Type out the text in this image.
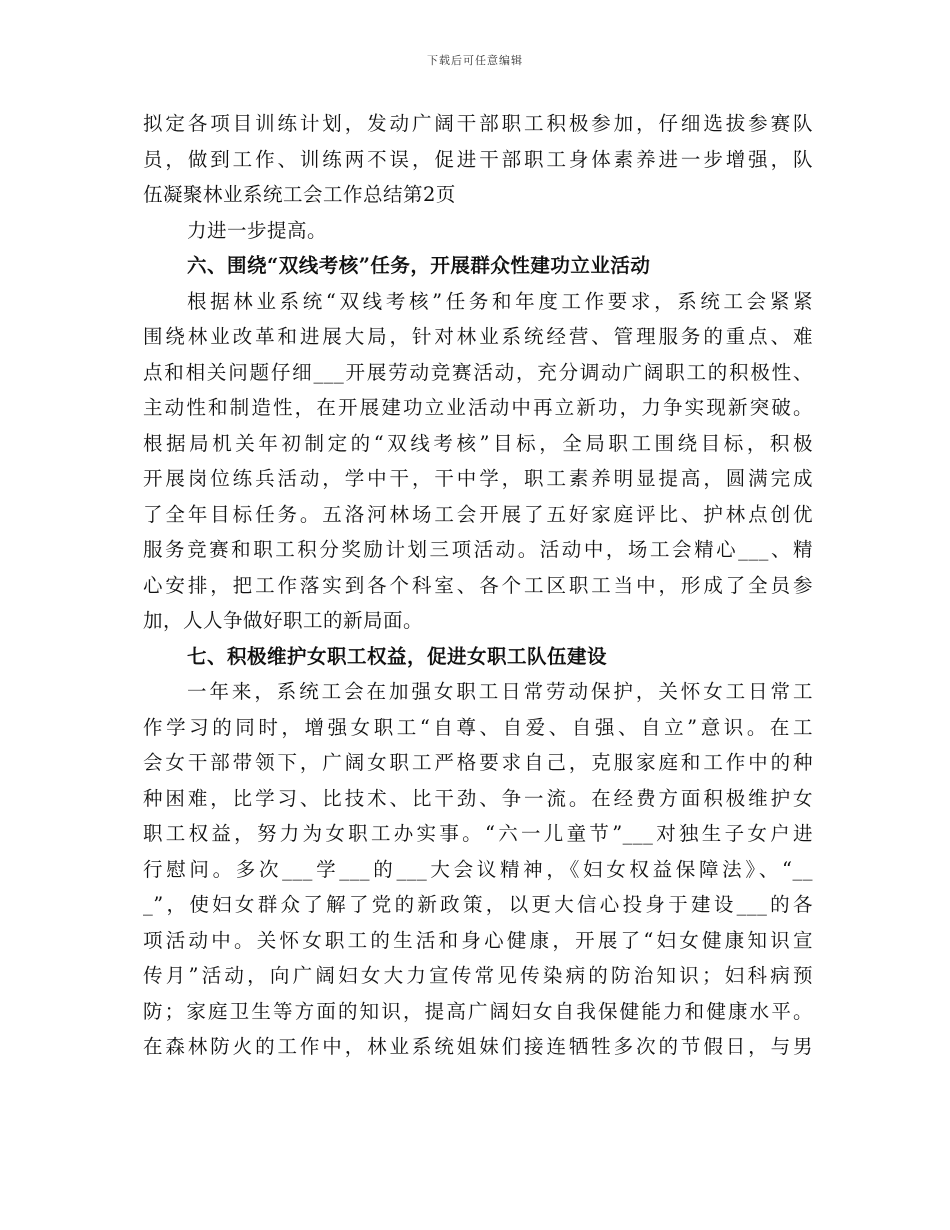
下载后可任意编辑
拟定各项目训练计划，发动广阔干部职工积极参加，仔细选拔参赛队
员，做到工作、训练两不误，促进干部职工身体素养进一步增强，队
伍凝聚林业系统工会工作总结第2页
力进一步提高。
六、围绕“双线考核”任务，开展群众性建功立业活动
根据林业系统“双线考核”任务和年度工作要求，系统工会紧紧
围绕林业改革和进展大局，针对林业系统经营、管理服务的重点、难
点和相关问题仔细___开展劳动竞赛活动，充分调动广阔职工的积极性、
主动性和制造性，在开展建功立业活动中再立新功，力争实现新突破。
根据局机关年初制定的“双线考核”目标，全局职工围绕目标，积极
开展岗位练兵活动，学中干，干中学，职工素养明显提高，圆满完成
了全年目标任务。五洛河林场工会开展了五好家庭评比、护林点创优
服务竞赛和职工积分奖励计划三项活动。活动中，场工会精心___、精
心安排，把工作落实到各个科室、各个工区职工当中，形成了全员参
加，人人争做好职工的新局面。
七、积极维护女职工权益，促进女职工队伍建设
一年来，系统工会在加强女职工日常劳动保护，关怀女工日常工
作学习的同时，增强女职工“自尊、自爱、自强、自立”意识。在工
会女干部带领下，广阔女职工严格要求自己，克服家庭和工作中的种
种困难，比学习、比技术、比干劲、争一流。在经费方面积极维护女
职工权益，努力为女职工办实事。“六一儿童节”___对独生子女户进
行慰问。多次___学___的___大会议精神，《妇女权益保障法》、“__
_”，使妇女群众了解了党的新政策，以更大信心投身于建设___的各
项活动中。关怀女职工的生活和身心健康，开展了“妇女健康知识宣
传月”活动，向广阔妇女大力宣传常见传染病的防治知识；妇科病预
防；家庭卫生等方面的知识，提高广阔妇女自我保健能力和健康水平。
在森林防火的工作中，林业系统姐妹们接连牺牲多次的节假日，与男
